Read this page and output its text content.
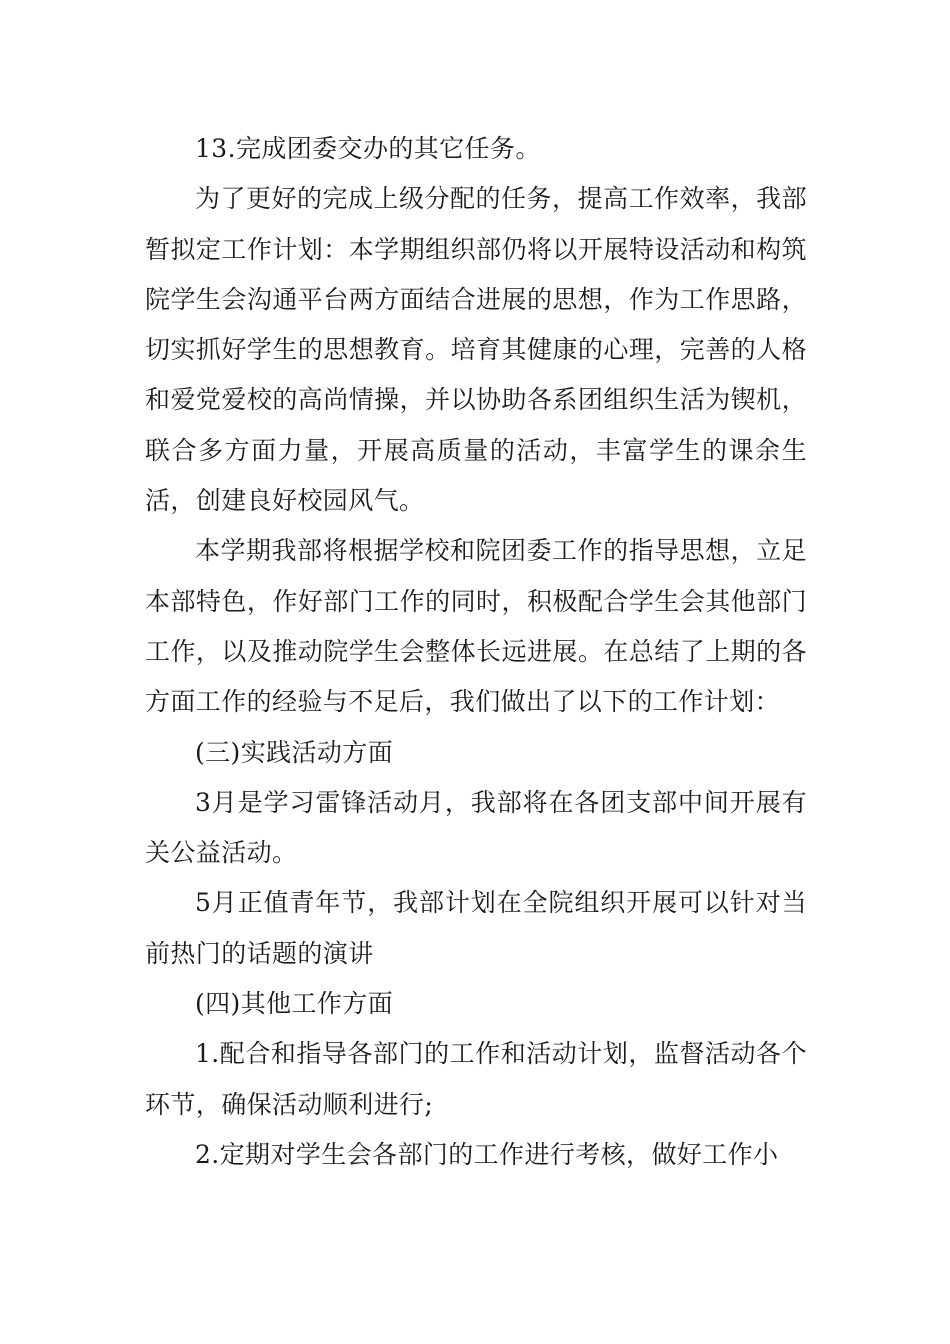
13.完成团委交办的其它任务。

为了更好的完成上级分配的任务，提高工作效率，我部暂拟定工作计划：本学期组织部仍将以开展特设活动和构筑院学生会沟通平台两方面结合进展的思想，作为工作思路，切实抓好学生的思想教育。培育其健康的心理，完善的人格和爱党爱校的高尚情操，并以协助各系团组织生活为锲机，联合多方面力量，开展高质量的活动，丰富学生的课余生活，创建良好校园风气。

本学期我部将根据学校和院团委工作的指导思想，立足本部特色，作好部门工作的同时，积极配合学生会其他部门工作，以及推动院学生会整体长远进展。在总结了上期的各方面工作的经验与不足后，我们做出了以下的工作计划：

(三)实践活动方面

3月是学习雷锋活动月，我部将在各团支部中间开展有关公益活动。

5月正值青年节，我部计划在全院组织开展可以针对当前热门的话题的演讲

(四)其他工作方面

1.配合和指导各部门的工作和活动计划，监督活动各个环节，确保活动顺利进行;

2.定期对学生会各部门的工作进行考核，做好工作小
